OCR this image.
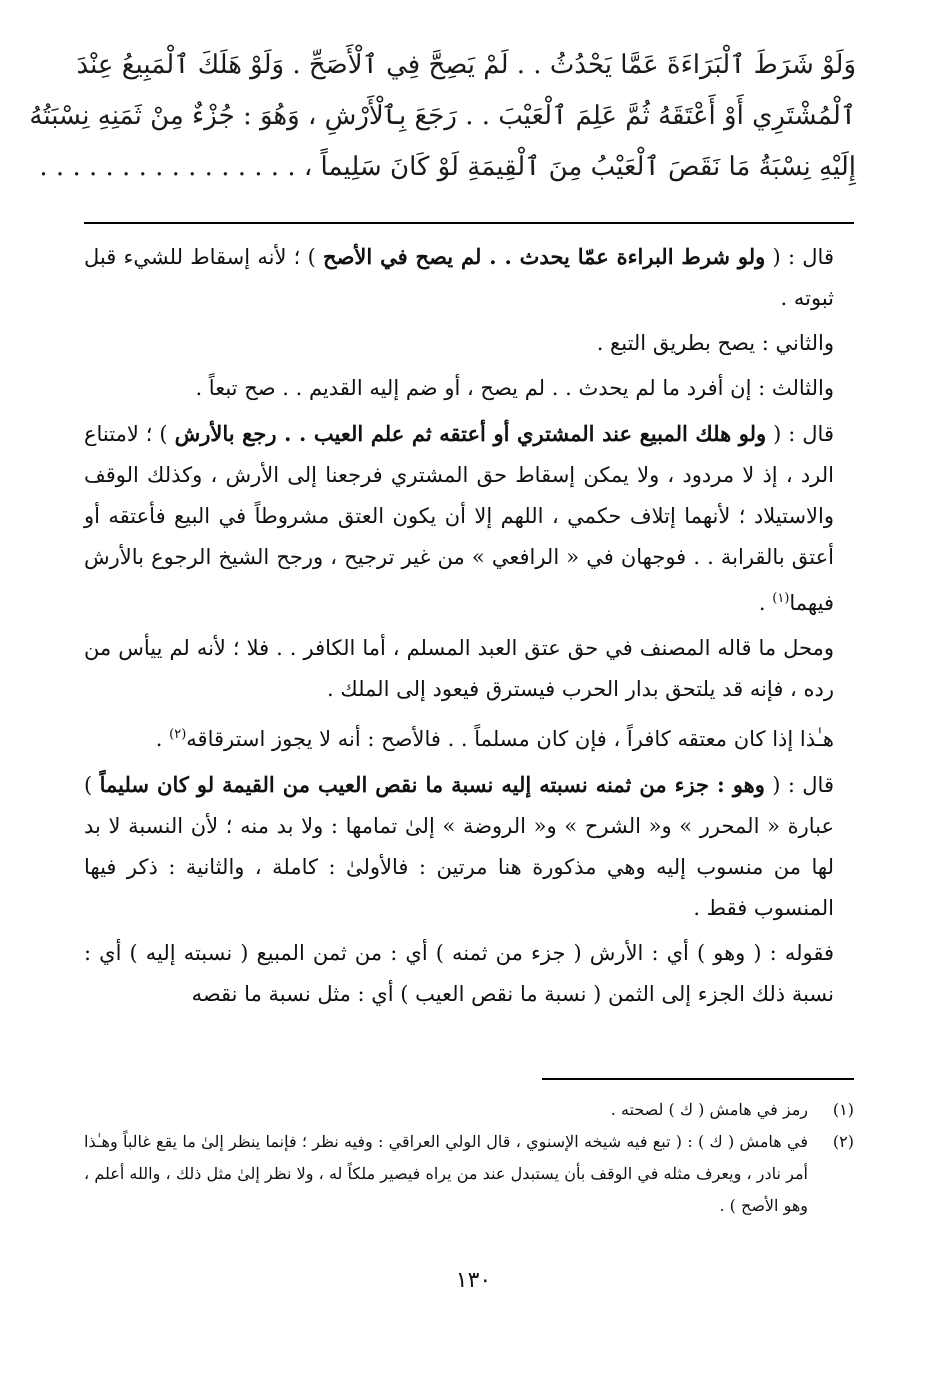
وَلَوْ شَرَطَ ٱلْبَرَاءَةَ عَمَّا يَحْدُثُ . . لَمْ يَصِحَّ فِي ٱلْأَصَحِّ . وَلَوْ هَلَكَ ٱلْمَبِيعُ عِنْدَ
ٱلْمُشْتَرِي أَوْ أَعْتَقَهُ ثُمَّ عَلِمَ ٱلْعَيْبَ . . رَجَعَ بِٱلْأَرْشِ ، وَهُوَ : جُزْءٌ مِنْ ثَمَنِهِ نِسْبَتُهُ
إِلَيْهِ نِسْبَةُ مَا نَقَصَ ٱلْعَيْبُ مِنَ ٱلْقِيمَةِ لَوْ كَانَ سَلِيماً ، . . . . . . . . . . . . . . . .

قال : ( ولو شرط البراءة عمّا يحدث . . لم يصح في الأصح ) ؛ لأنه إسقاط للشيء قبل ثبوته .

والثاني : يصح بطريق التبع .

والثالث : إن أفرد ما لم يحدث . . لم يصح ، أو ضم إليه القديم . . صح تبعاً .

قال : ( ولو هلك المبيع عند المشتري أو أعتقه ثم علم العيب . . رجع بالأرش ) ؛ لامتناع الرد ، إذ لا مردود ، ولا يمكن إسقاط حق المشتري فرجعنا إلى الأرش ، وكذلك الوقف والاستيلاد ؛ لأنهما إتلاف حكمي ، اللهم إلا أن يكون العتق مشروطاً في البيع فأعتقه أو أعتق بالقرابة . . فوجهان في « الرافعي » من غير ترجيح ، ورجح الشيخ الرجوع بالأرش فيهما$^{(١)}$ .

ومحل ما قاله المصنف في حق عتق العبد المسلم ، أما الكافر . . فلا ؛ لأنه لم ييأس من رده ، فإنه قد يلتحق بدار الحرب فيسترق فيعود إلى الملك .

هـٰذا إذا كان معتقه كافراً ، فإن كان مسلماً . . فالأصح : أنه لا يجوز استرقاقه$^{(٢)}$ .

قال : ( وهو : جزء من ثمنه نسبته إليه نسبة ما نقص العيب من القيمة لو كان سليماً ) عبارة « المحرر » و« الشرح » و« الروضة » إلىٰ تمامها : ولا بد منه ؛ لأن النسبة لا بد لها من منسوب إليه وهي مذكورة هنا مرتين : فالأولىٰ : كاملة ، والثانية : ذكر فيها المنسوب فقط .

فقوله : ( وهو ) أي : الأرش ( جزء من ثمنه ) أي : من ثمن المبيع ( نسبته إليه ) أي : نسبة ذلك الجزء إلى الثمن ( نسبة ما نقص العيب ) أي : مثل نسبة ما نقصه

(١)
رمز في هامش ( ك ) لصحته .
(٢)
في هامش ( ك ) : ( تبع فيه شيخه الإسنوي ، قال الولي العراقي : وفيه نظر ؛ فإنما ينظر إلىٰ ما يقع غالباً وهـٰذا أمر نادر ، ويعرف مثله في الوقف بأن يستبدل عند من يراه فيصير ملكاً له ، ولا نظر إلىٰ مثل ذلك ، والله أعلم ، وهو الأصح ) .
١٣٠
